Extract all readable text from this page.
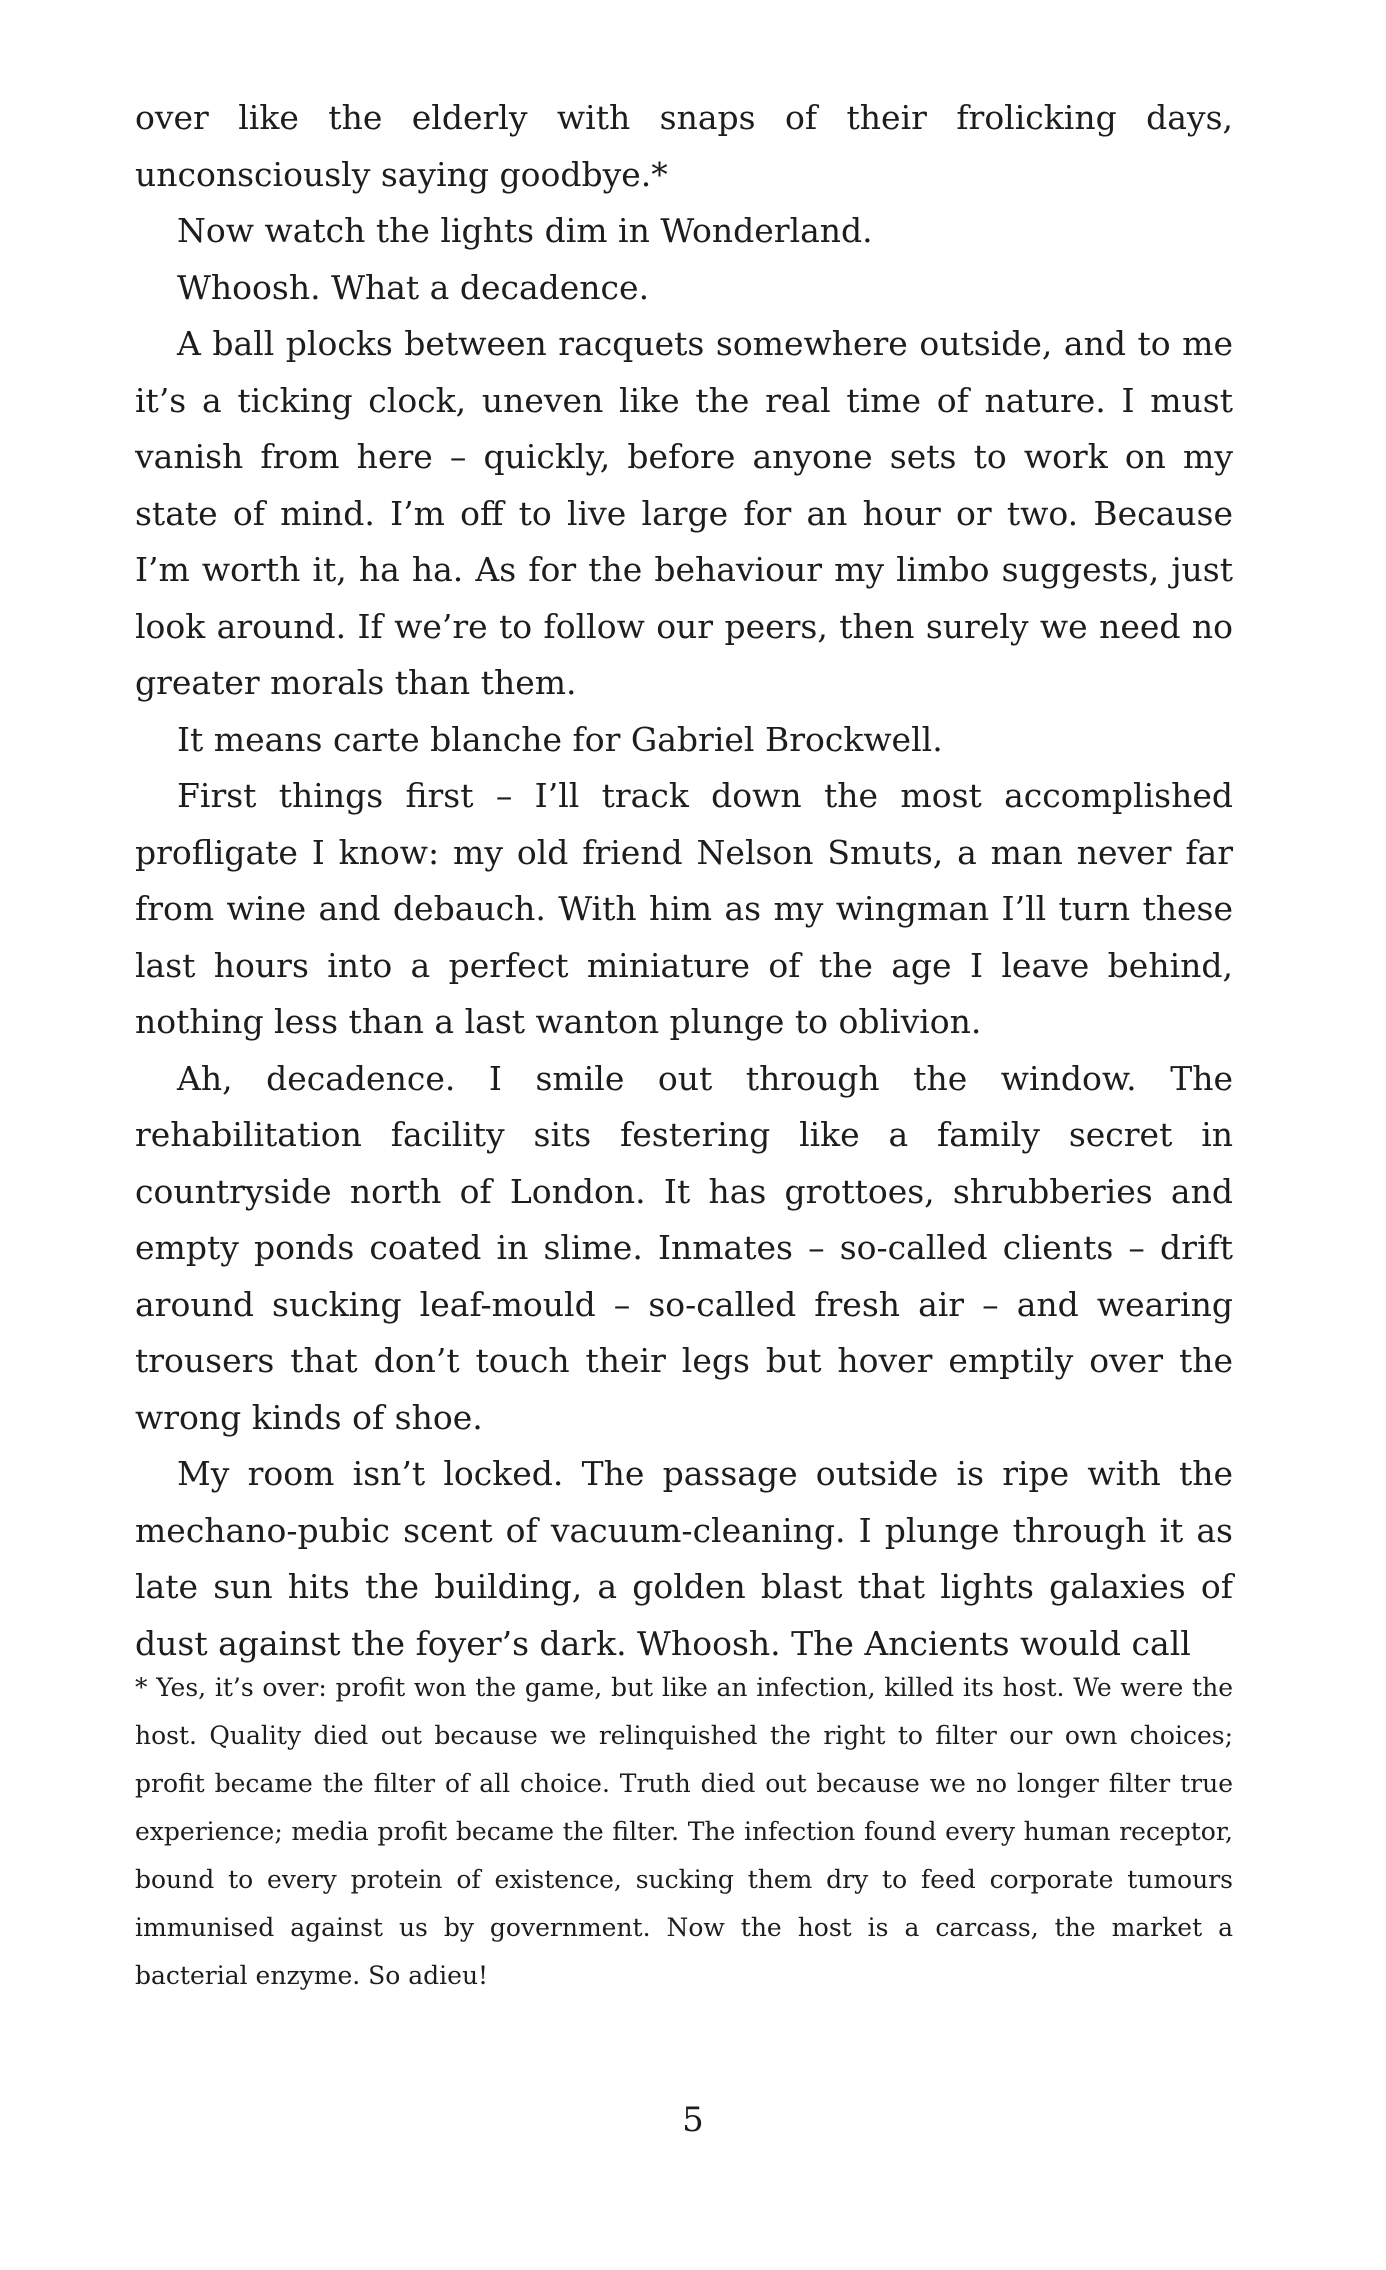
over like the elderly with snaps of their frolicking days, unconsciously saying goodbye.*

Now watch the lights dim in Wonderland.

Whoosh. What a decadence.

A ball plocks between racquets somewhere outside, and to me it’s a ticking clock, uneven like the real time of nature. I must vanish from here – quickly, before anyone sets to work on my state of mind. I’m off to live large for an hour or two. Because I’m worth it, ha ha. As for the behaviour my limbo suggests, just look around. If we’re to follow our peers, then surely we need no greater morals than them.

It means carte blanche for Gabriel Brockwell.

First things first – I’ll track down the most accomplished profligate I know: my old friend Nelson Smuts, a man never far from wine and debauch. With him as my wingman I’ll turn these last hours into a perfect miniature of the age I leave behind, nothing less than a last wanton plunge to oblivion.

Ah, decadence. I smile out through the window. The rehabilitation facility sits festering like a family secret in countryside north of London. It has grottoes, shrubberies and empty ponds coated in slime. Inmates – so-called clients – drift around sucking leaf-mould – so-called fresh air – and wearing trousers that don’t touch their legs but hover emptily over the wrong kinds of shoe.

My room isn’t locked. The passage outside is ripe with the mechano-pubic scent of vacuum-cleaning. I plunge through it as late sun hits the building, a golden blast that lights galaxies of dust against the foyer’s dark. Whoosh. The Ancients would call

* Yes, it’s over: profit won the game, but like an infection, killed its host. We were the host. Quality died out because we relinquished the right to filter our own choices; profit became the filter of all choice. Truth died out because we no longer filter true experience; media profit became the filter. The infection found every human receptor, bound to every protein of existence, sucking them dry to feed corporate tumours immunised against us by government. Now the host is a carcass, the market a bacterial enzyme. So adieu!

5
